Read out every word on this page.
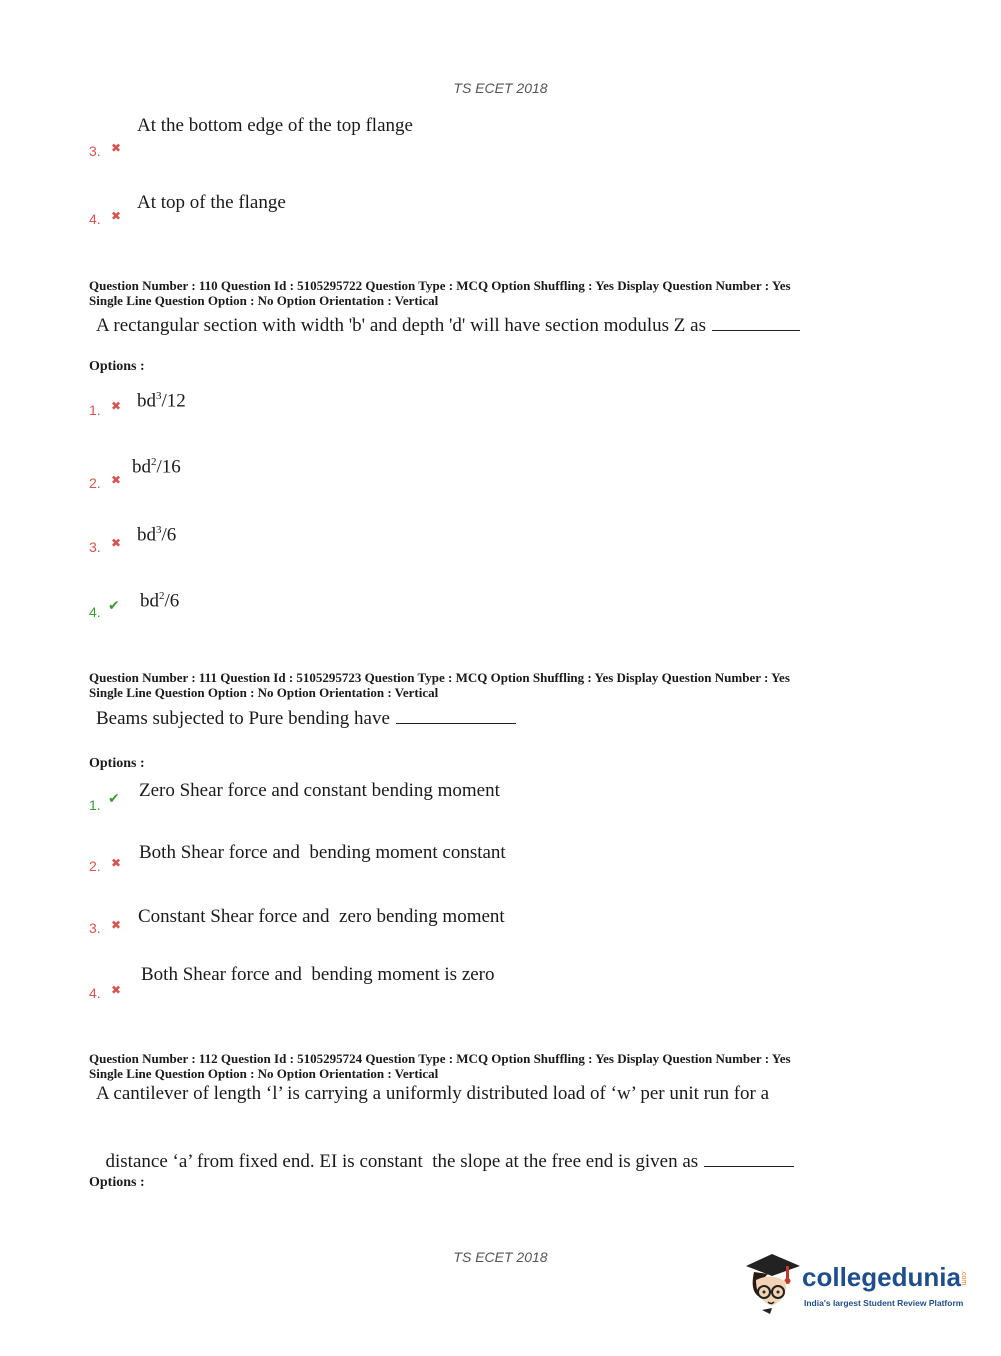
TS ECET 2018
3. ✖
At the bottom edge of the top flange
4. ✖
At top of the flange
Question Number : 110 Question Id : 5105295722 Question Type : MCQ Option Shuffling : Yes Display Question Number : Yes
Single Line Question Option : No Option Orientation : Vertical
A rectangular section with width 'b' and depth 'd' will have section modulus Z as
Options :
1. ✖ $bd^3/12$
2. ✖
$bd^2/16$
3. ✖ $bd^3/6$
4. ✔ $bd^2/6$
Question Number : 111 Question Id : 5105295723 Question Type : MCQ Option Shuffling : Yes Display Question Number : Yes
Single Line Question Option : No Option Orientation : Vertical
Beams subjected to Pure bending have
Options :
1. ✔ Zero Shear force and constant bending moment
2. ✖ Both Shear force and  bending moment constant
3. ✖ Constant Shear force and  zero bending moment
4. ✖
Both Shear force and  bending moment is zero
Question Number : 112 Question Id : 5105295724 Question Type : MCQ Option Shuffling : Yes Display Question Number : Yes
Single Line Question Option : No Option Orientation : Vertical
A cantilever of length ‘l’ is carrying a uniformly distributed load of ‘w’ per unit run for a

distance ‘a’ from fixed end. EI is constant  the slope at the free end is given as

Options :
TS ECET 2018
collegedunia .com
India's largest Student Review Platform
